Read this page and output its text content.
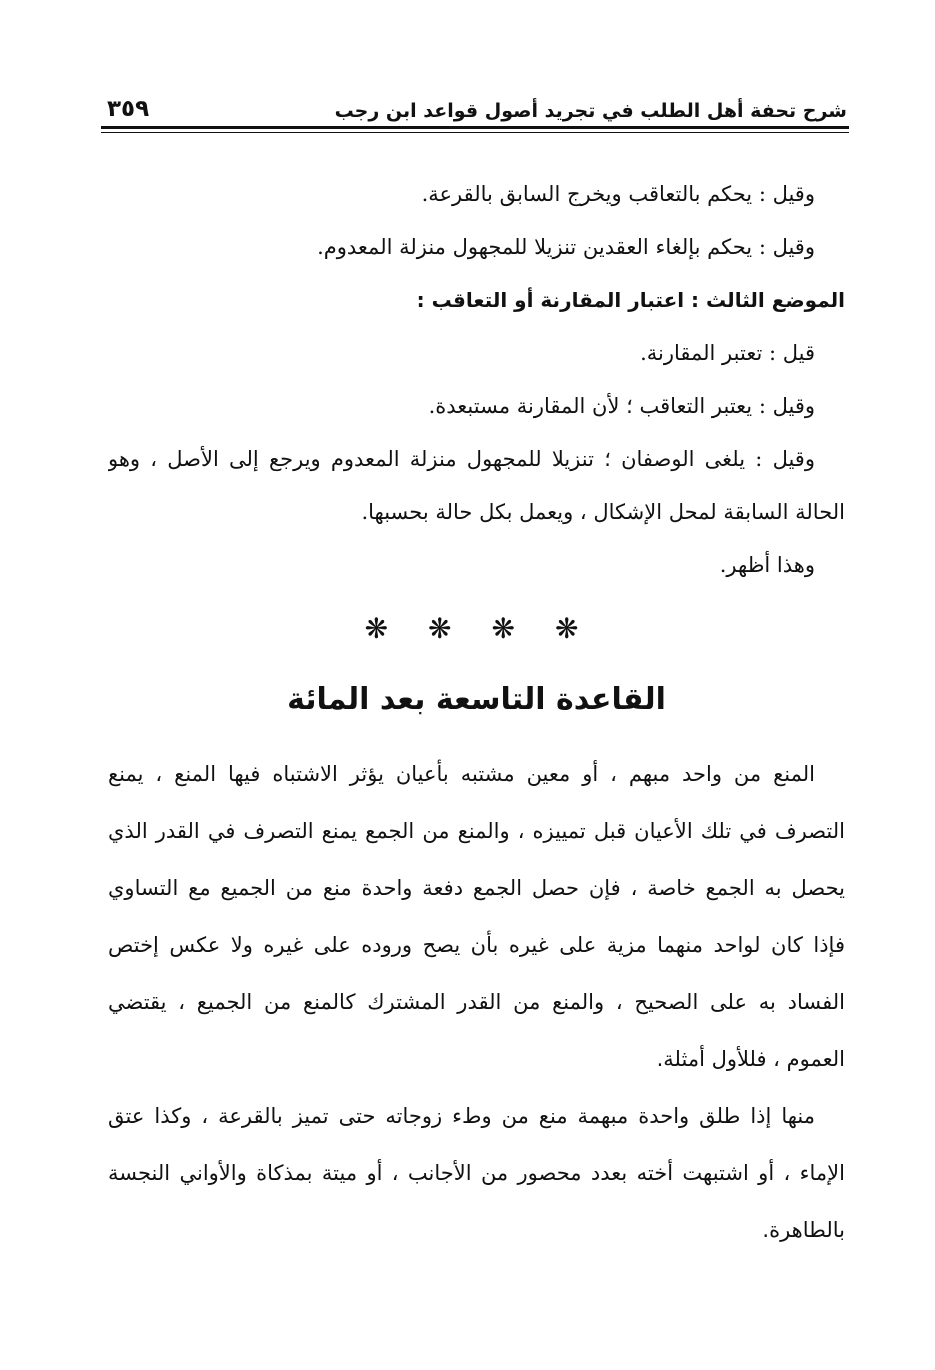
شرح تحفة أهل الطلب في تجريد أصول قواعد ابن رجب
٣٥٩
وقيل : يحكم بالتعاقب ويخرج السابق بالقرعة.
وقيل : يحكم بإلغاء العقدين تنزيلا للمجهول منزلة المعدوم.
الموضع الثالث : اعتبار المقارنة أو التعاقب :
قيل : تعتبر المقارنة.
وقيل : يعتبر التعاقب ؛ لأن المقارنة مستبعدة.
وقيل : يلغى الوصفان ؛ تنزيلا للمجهول منزلة المعدوم ويرجع إلى الأصل ، وهو
الحالة السابقة لمحل الإشكال ، ويعمل بكل حالة بحسبها.
وهذا أظهر.
❋
❋
❋
❋
القاعدة التاسعة بعد المائة
المنع من واحد مبهم ، أو معين مشتبه بأعيان يؤثر الاشتباه فيها المنع ، يمنع
التصرف في تلك الأعيان قبل تمييزه ، والمنع من الجمع يمنع التصرف في القدر الذي
يحصل به الجمع خاصة ، فإن حصل الجمع دفعة واحدة منع من الجميع مع التساوي
فإذا كان لواحد منهما مزية على غيره بأن يصح وروده على غيره ولا عكس إختص
الفساد به على الصحيح ، والمنع من القدر المشترك كالمنع من الجميع ، يقتضي
العموم ، فللأول أمثلة.
منها إذا طلق واحدة مبهمة منع من وطء زوجاته حتى تميز بالقرعة ، وكذا عتق
الإماء ، أو اشتبهت أخته بعدد محصور من الأجانب ، أو ميتة بمذكاة والأواني النجسة
بالطاهرة.
